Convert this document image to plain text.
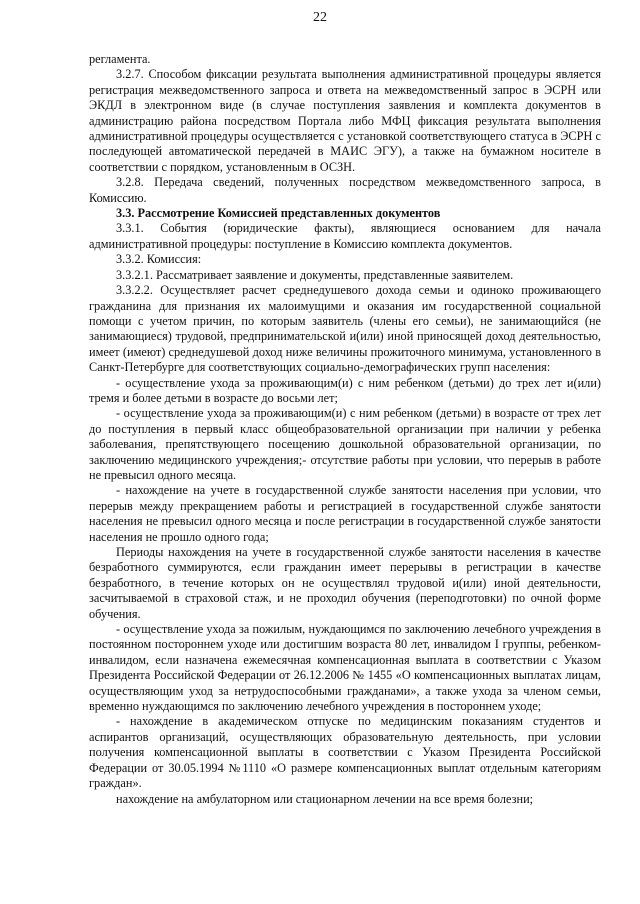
22

регламента.

3.2.7. Способом фиксации результата выполнения административной процедуры является регистрация межведомственного запроса и ответа на межведомственный запрос в ЭСРН или ЭКДЛ в электронном виде (в случае поступления заявления и комплекта документов в администрацию района посредством Портала либо МФЦ фиксация результата выполнения административной процедуры осуществляется с установкой соответствующего статуса в ЭСРН с последующей автоматической передачей в МАИС ЭГУ), а также на бумажном носителе в соответствии с порядком, установленным в ОСЗН.

3.2.8. Передача сведений, полученных посредством межведомственного запроса, в Комиссию.

3.3. Рассмотрение Комиссией представленных документов

3.3.1. События (юридические факты), являющиеся основанием для начала административной процедуры: поступление в Комиссию комплекта документов.

3.3.2. Комиссия:

3.3.2.1. Рассматривает заявление и документы, представленные заявителем.

3.3.2.2. Осуществляет расчет среднедушевого дохода семьи и одиноко проживающего гражданина для признания их малоимущими и оказания им государственной социальной помощи с учетом причин, по которым заявитель (члены его семьи), не занимающийся (не занимающиеся) трудовой, предпринимательской и(или) иной приносящей доход деятельностью, имеет (имеют) среднедушевой доход ниже величины прожиточного минимума, установленного в Санкт-Петербурге для соответствующих социально-демографических групп населения:

- осуществление ухода за проживающим(и) с ним ребенком (детьми) до трех лет и(или) тремя и более детьми в возрасте до восьми лет;

- осуществление ухода за проживающим(и) с ним ребенком (детьми) в возрасте от трех лет до поступления в первый класс общеобразовательной организации при наличии у ребенка заболевания, препятствующего посещению дошкольной образовательной организации, по заключению медицинского учреждения;- отсутствие работы при условии, что перерыв в работе не превысил одного месяца.

- нахождение на учете в государственной службе занятости населения при условии, что перерыв между прекращением работы и регистрацией в государственной службе занятости населения не превысил одного месяца и после регистрации в государственной службе занятости населения не прошло одного года;

Периоды нахождения на учете в государственной службе занятости населения в качестве безработного суммируются, если гражданин имеет перерывы в регистрации в качестве безработного, в течение которых он не осуществлял трудовой и(или) иной деятельности, засчитываемой в страховой стаж, и не проходил обучения (переподготовки) по очной форме обучения.

- осуществление ухода за пожилым, нуждающимся по заключению лечебного учреждения в постоянном постороннем уходе или достигшим возраста 80 лет, инвалидом I группы, ребенком-инвалидом, если назначена ежемесячная компенсационная выплата в соответствии с Указом Президента Российской Федерации от 26.12.2006 № 1455 «О компенсационных выплатах лицам, осуществляющим уход за нетрудоспособными гражданами», а также ухода за членом семьи, временно нуждающимся по заключению лечебного учреждения в постороннем уходе;

- нахождение в академическом отпуске по медицинским показаниям студентов и аспирантов организаций, осуществляющих образовательную деятельность, при условии получения компенсационной выплаты в соответствии с Указом Президента Российской Федерации от 30.05.1994 №1110 «О размере компенсационных выплат отдельным категориям граждан».

нахождение на амбулаторном или стационарном лечении на все время болезни;
